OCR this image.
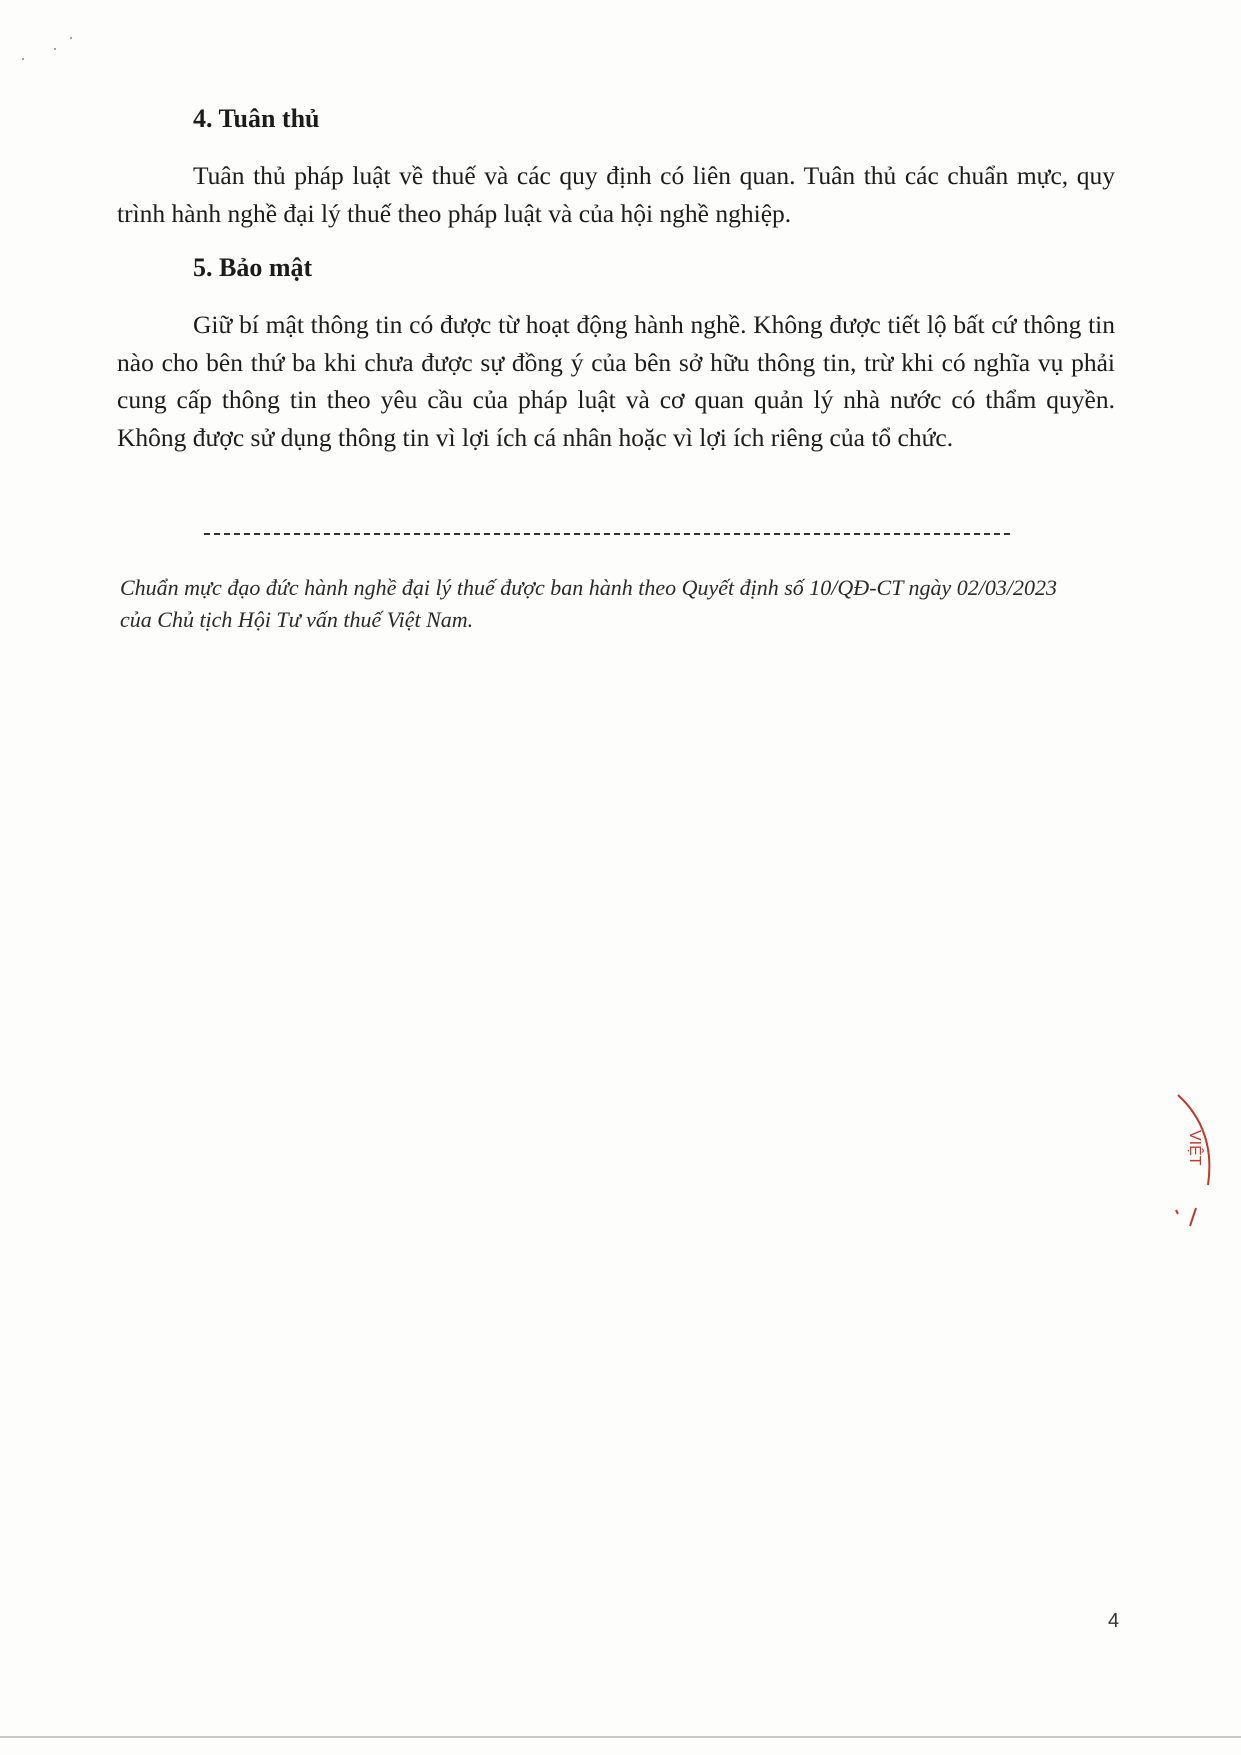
4. Tuân thủ

Tuân thủ pháp luật về thuế và các quy định có liên quan. Tuân thủ các chuẩn mực, quy trình hành nghề đại lý thuế theo pháp luật và của hội nghề nghiệp.

5. Bảo mật

Giữ bí mật thông tin có được từ hoạt động hành nghề. Không được tiết lộ bất cứ thông tin nào cho bên thứ ba khi chưa được sự đồng ý của bên sở hữu thông tin, trừ khi có nghĩa vụ phải cung cấp thông tin theo yêu cầu của pháp luật và cơ quan quản lý nhà nước có thẩm quyền. Không được sử dụng thông tin vì lợi ích cá nhân hoặc vì lợi ích riêng của tổ chức.

Chuẩn mực đạo đức hành nghề đại lý thuế được ban hành theo Quyết định số 10/QĐ-CT ngày 02/03/2023 của Chủ tịch Hội Tư vấn thuế Việt Nam.

VIỆT
4
